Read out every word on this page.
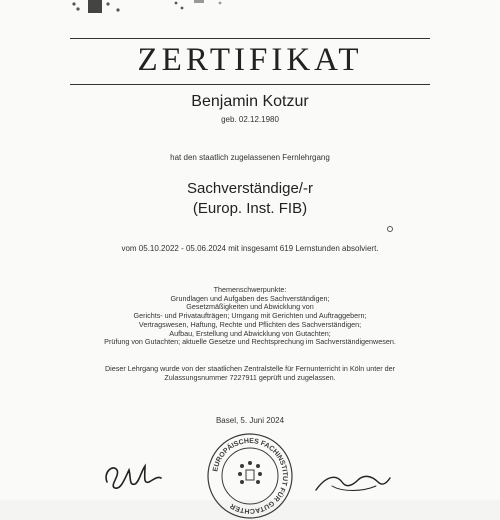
ZERTIFIKAT
Benjamin Kotzur
geb. 02.12.1980
hat den staatlich zugelassenen Fernlehrgang
Sachverständige/-r
(Europ. Inst. FIB)
vom 05.10.2022 - 05.06.2024 mit insgesamt 619 Lernstunden absolviert.
Themenschwerpunkte:
Grundlagen und Aufgaben des Sachverständigen;
Gesetzmäßigkeiten und Abwicklung von
Gerichts- und Privataufträgen; Umgang mit Gerichten und Auftraggebern;
Vertragswesen, Haftung, Rechte und Pflichten des Sachverständigen;
Aufbau, Erstellung und Abwicklung von Gutachten;
Prüfung von Gutachten; aktuelle Gesetze und Rechtsprechung im Sachverständigenwesen.
Dieser Lehrgang wurde von der staatlichen Zentralstelle für Fernunterricht in Köln unter der
Zulassungsnummer 7227911 geprüft und zugelassen.
Basel, 5. Juni 2024
EUROPÄISCHES FACHINSTITUT FÜR GUTACHTER
